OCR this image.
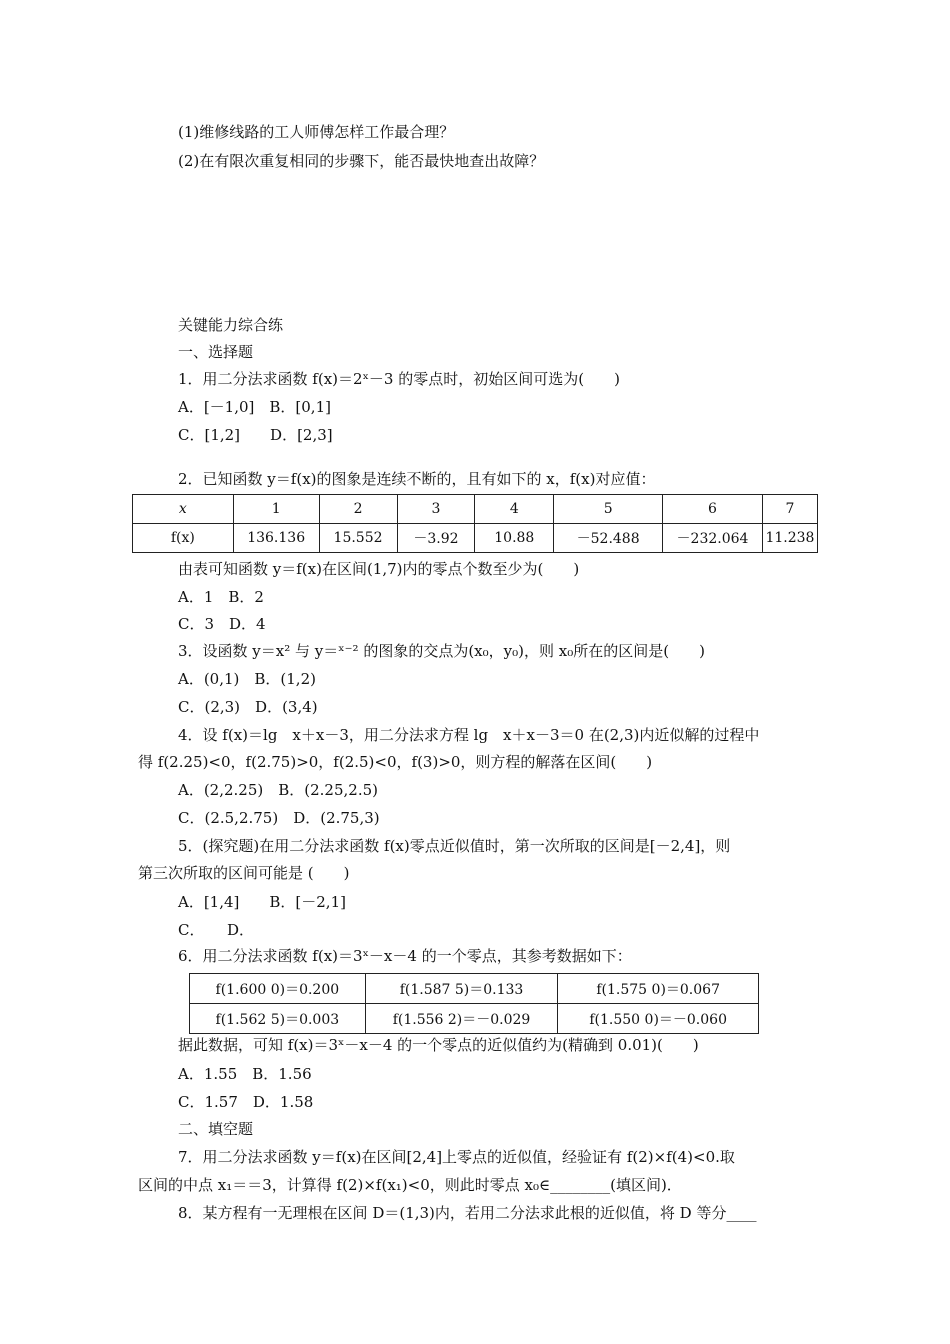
(1)维修线路的工人师傅怎样工作最合理？
(2)在有限次重复相同的步骤下，能否最快地查出故障？
关键能力综合练
一、选择题
1．用二分法求函数 f(x)＝2ˣ－3 的零点时，初始区间可选为(　　)
A．[－1,0]　B．[0,1]
C．[1,2]　　D．[2,3]
2．已知函数 y＝f(x)的图象是连续不断的，且有如下的 x，f(x)对应值：
x	1	2	3	4	5	6	7
f(x)	136.136	15.552	－3.92	10.88	－52.488	－232.064	11.238
由表可知函数 y＝f(x)在区间(1,7)内的零点个数至少为(　　)
A．1　B．2
C．3　D．4
3．设函数 y＝x² 与 y＝ˣ⁻² 的图象的交点为(x₀，y₀)，则 x₀所在的区间是(　　)
A．(0,1)　B．(1,2)
C．(2,3)　D．(3,4)
4．设 f(x)＝lg　x＋x－3，用二分法求方程 lg　x＋x－3＝0 在(2,3)内近似解的过程中
得 f(2.25)<0，f(2.75)>0，f(2.5)<0，f(3)>0，则方程的解落在区间(　　)
A．(2,2.25)　B．(2.25,2.5)
C．(2.5,2.75)　D．(2.75,3)
5．(探究题)在用二分法求函数 f(x)零点近似值时，第一次所取的区间是[－2,4]，则
第三次所取的区间可能是 (　　)
A．[1,4]　　B．[－2,1]
C．　　D．
6．用二分法求函数 f(x)＝3ˣ－x－4 的一个零点，其参考数据如下：
f(1.600 0)＝0.200	f(1.587 5)＝0.133	f(1.575 0)＝0.067
f(1.562 5)＝0.003	f(1.556 2)＝－0.029	f(1.550 0)＝－0.060
据此数据，可知 f(x)＝3ˣ－x－4 的一个零点的近似值约为(精确到 0.01)(　　)
A．1.55　B．1.56
C．1.57　D．1.58
二、填空题
7．用二分法求函数 y＝f(x)在区间[2,4]上零点的近似值，经验证有 f(2)×f(4)<0.取
区间的中点 x₁＝＝3，计算得 f(2)×f(x₁)<0，则此时零点 x₀∈________(填区间)．
8．某方程有一无理根在区间 D＝(1,3)内，若用二分法求此根的近似值，将 D 等分____
